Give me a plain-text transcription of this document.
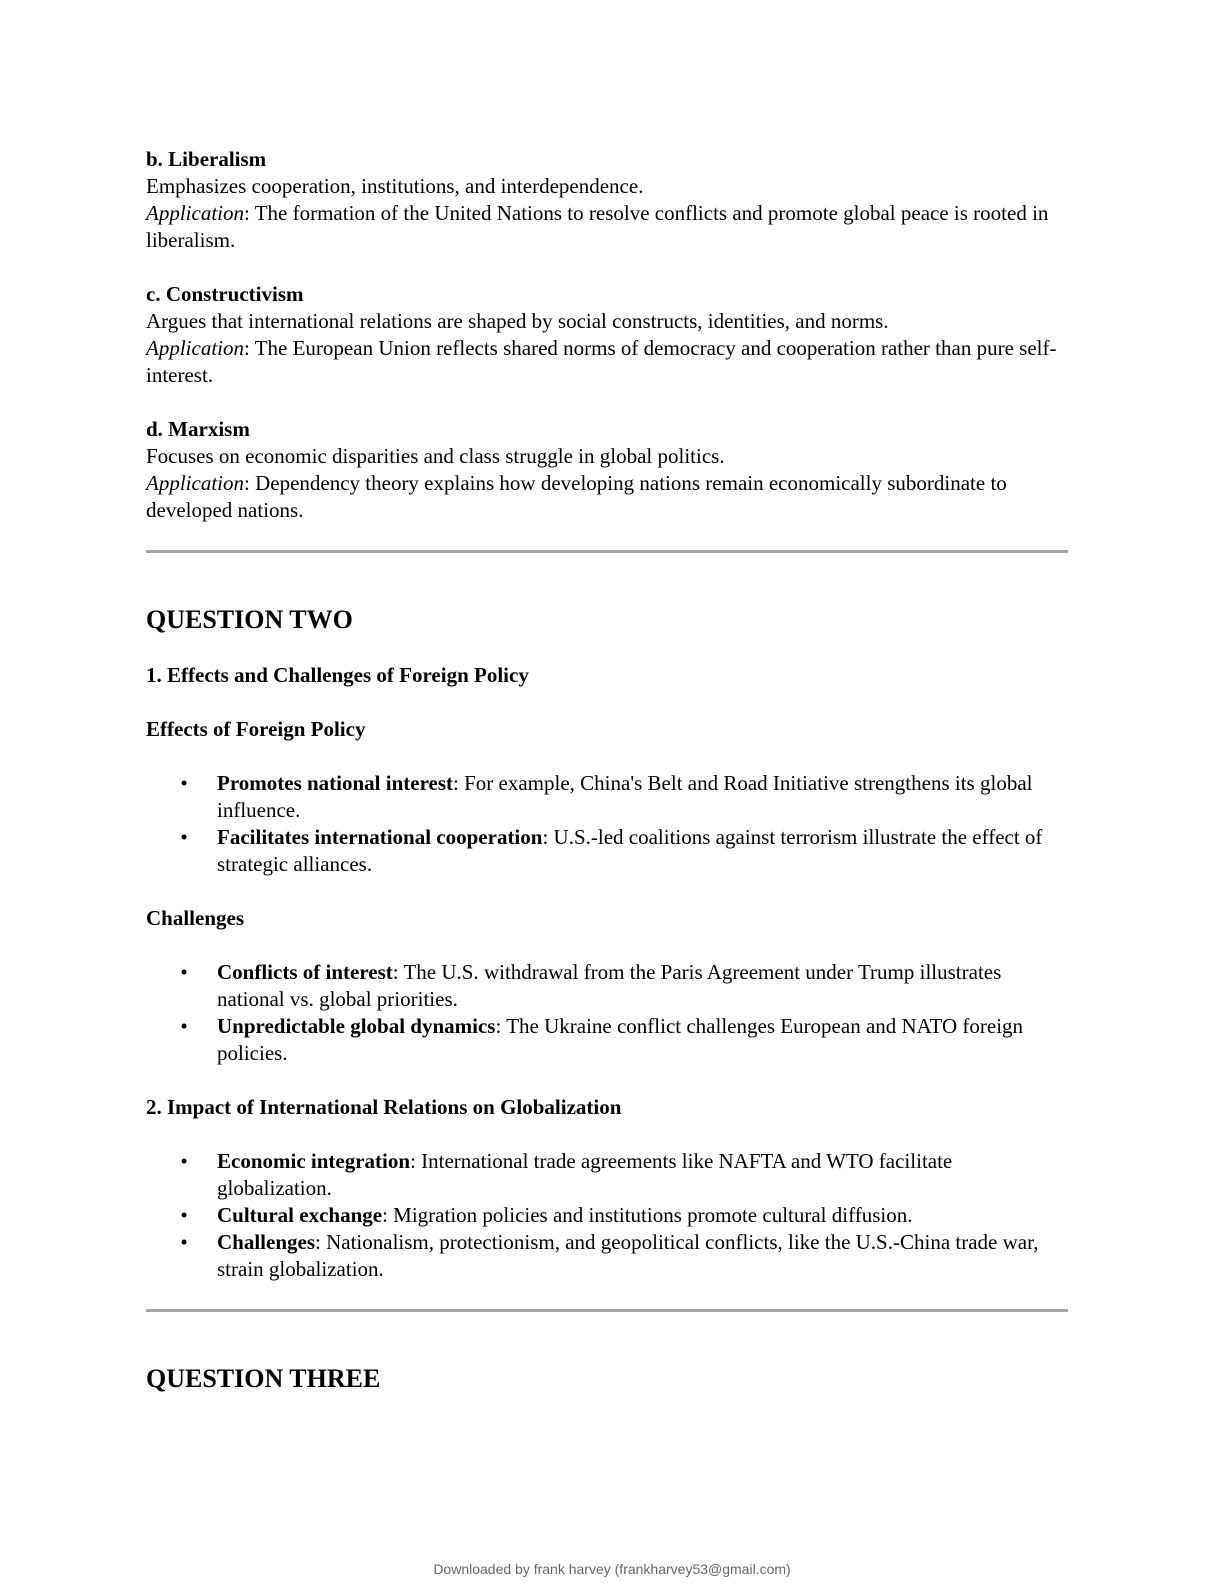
b. Liberalism

Emphasizes cooperation, institutions, and interdependence.

Application: The formation of the United Nations to resolve conflicts and promote global peace is rooted in liberalism.

c. Constructivism

Argues that international relations are shaped by social constructs, identities, and norms.

Application: The European Union reflects shared norms of democracy and cooperation rather than pure self-interest.

d. Marxism

Focuses on economic disparities and class struggle in global politics.

Application: Dependency theory explains how developing nations remain economically subordinate to developed nations.

QUESTION TWO
1. Effects and Challenges of Foreign Policy
Effects of Foreign Policy
• Promotes national interest: For example, China's Belt and Road Initiative strengthens its global influence.
• Facilitates international cooperation: U.S.-led coalitions against terrorism illustrate the effect of strategic alliances.
Challenges
• Conflicts of interest: The U.S. withdrawal from the Paris Agreement under Trump illustrates national vs. global priorities.
• Unpredictable global dynamics: The Ukraine conflict challenges European and NATO foreign policies.
2. Impact of International Relations on Globalization
• Economic integration: International trade agreements like NAFTA and WTO facilitate globalization.
• Cultural exchange: Migration policies and institutions promote cultural diffusion.
• Challenges: Nationalism, protectionism, and geopolitical conflicts, like the U.S.-China trade war, strain globalization.
QUESTION THREE
Downloaded by frank harvey (frankharvey53@gmail.com)
